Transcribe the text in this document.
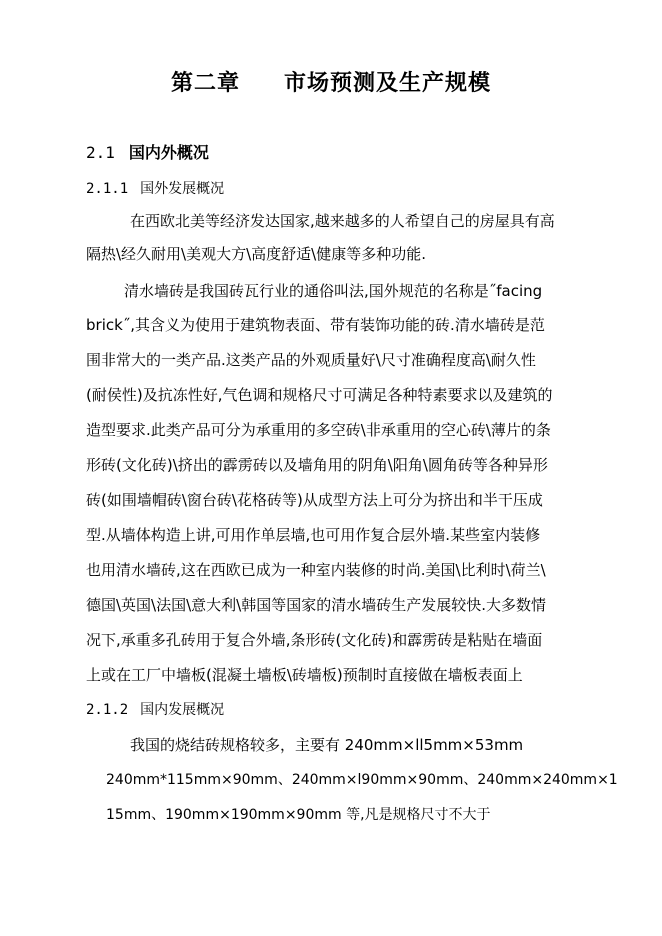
第二章 市场预测及生产规模
2.1 国内外概况
2.1.1 国外发展概况
在西欧北美等经济发达国家,越来越多的人希望自己的房屋具有高
隔热\经久耐用\美观大方\高度舒适\健康等多种功能.
清水墙砖是我国砖瓦行业的通俗叫法,国外规范的名称是˝facing
brick˝,其含义为使用于建筑物表面、带有装饰功能的砖.清水墙砖是范
围非常大的一类产品.这类产品的外观质量好\尺寸准确程度高\耐久性
(耐侯性)及抗冻性好,气色调和规格尺寸可满足各种特素要求以及建筑的
造型要求.此类产品可分为承重用的多空砖\非承重用的空心砖\薄片的条
形砖(文化砖)\挤出的霹雳砖以及墙角用的阴角\阳角\圆角砖等各种异形
砖(如围墙帽砖\窗台砖\花格砖等)从成型方法上可分为挤出和半干压成
型.从墙体构造上讲,可用作单层墙,也可用作复合层外墙.某些室内装修
也用清水墙砖,这在西欧已成为一种室内装修的时尚.美国\比利时\荷兰\
德国\英国\法国\意大利\韩国等国家的清水墙砖生产发展较快.大多数情
况下,承重多孔砖用于复合外墙,条形砖(文化砖)和霹雳砖是粘贴在墙面
上或在工厂中墙板(混凝土墙板\砖墙板)预制时直接做在墙板表面上
2.1.2 国内发展概况
我国的烧结砖规格较多，主要有 240mm×ll5mm×53mm
240mm*115mm×90mm、240mm×l90mm×90mm、240mm×240mm×1
15mm、190mm×190mm×90mm 等,凡是规格尺寸不大于
